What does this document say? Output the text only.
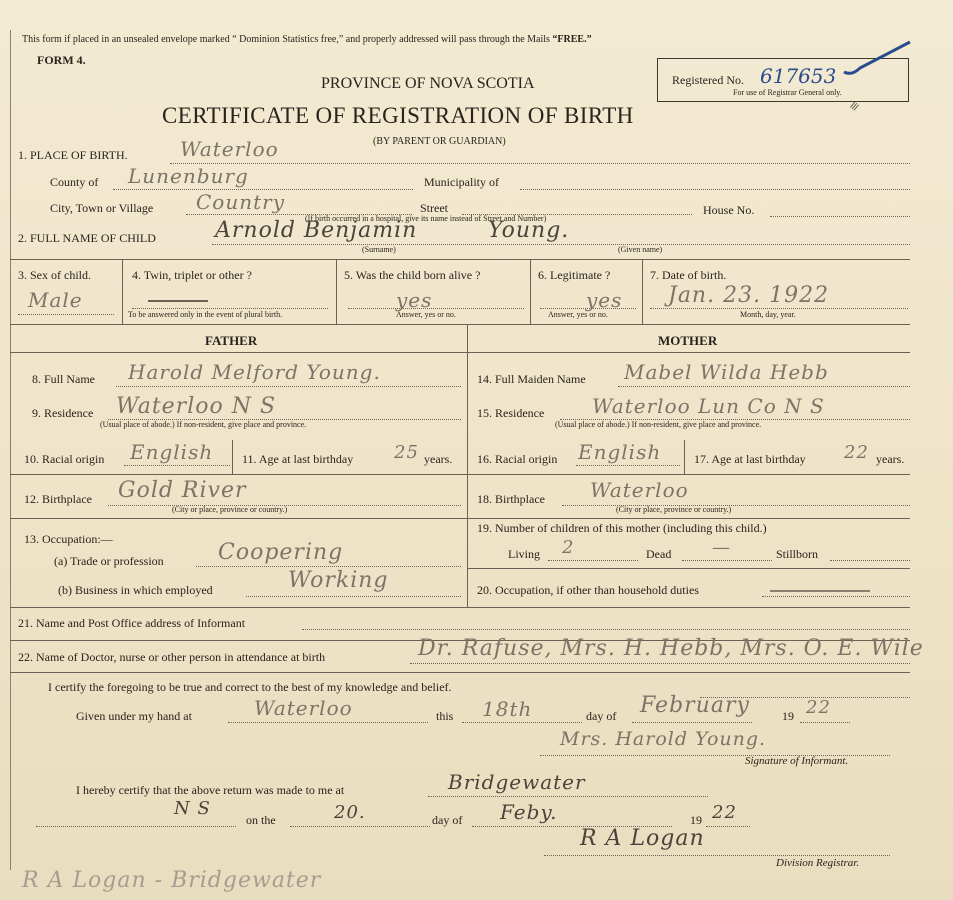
This form if placed in an unsealed envelope marked “ Dominion Statistics free,” and properly addressed will pass through the Mails “FREE.”
FORM 4.
PROVINCE OF NOVA SCOTIA
CERTIFICATE OF REGISTRATION OF BIRTH
(BY PARENT OR GUARDIAN)
Registered No. 617653
For use of Registrar General only.
≡
1. PLACE OF BIRTH.	Waterloo
County of Lunenburg	Municipality of
City, Town or Village Country	Street	House No.
(If birth occurred in a hospital, give its name instead of Street and Number)
2. FULL NAME OF CHILD	Arnold Benjamin	Young.
(Surname)	(Given name)
3. Sex of child.
Male
4. Twin, triplet or other ?
To be answered only in the event of plural birth.
5. Was the child born alive ?
yes
Answer, yes or no.
6. Legitimate ?
yes
Answer, yes or no.
7. Date of birth.
Jan. 23. 1922
Month, day, year.
FATHER
8. Full Name Harold Melford Young.
9. Residence Waterloo N S
(Usual place of abode.) If non-resident, give place and province.
10. Racial origin English 11. Age at last birthday 25 years.
12. Birthplace Gold River
(City or place, province or country.)
13. Occupation:—
(a) Trade or profession Coopering
(b) Business in which employed	Working
MOTHER
14. Full Maiden Name Mabel Wilda Hebb
15. Residence Waterloo Lun Co N S
(Usual place of abode.) If non-resident, give place and province.
16. Racial origin English	17. Age at last birthday 22 years.
18. Birthplace Waterloo
(City or place, province or country.)
19. Number of children of this mother (including this child.)
Living 2	Dead —	Stillborn
20. Occupation, if other than household duties
21. Name and Post Office address of Informant
22. Name of Doctor, nurse or other person in attendance at birth	Dr. Rafuse, Mrs. H. Hebb, Mrs. O. E. Wile
I certify the foregoing to be true and correct to the best of my knowledge and belief.
Given under my hand at	Waterloo	this 18th	day of February	19 22
Mrs. Harold Young.
Signature of Informant.
I hereby certify that the above return was made to me at	Bridgewater
N S
on the	20.	day of Feby.	19 22
R A Logan
Division Registrar.
R A Logan - Bridgewater
